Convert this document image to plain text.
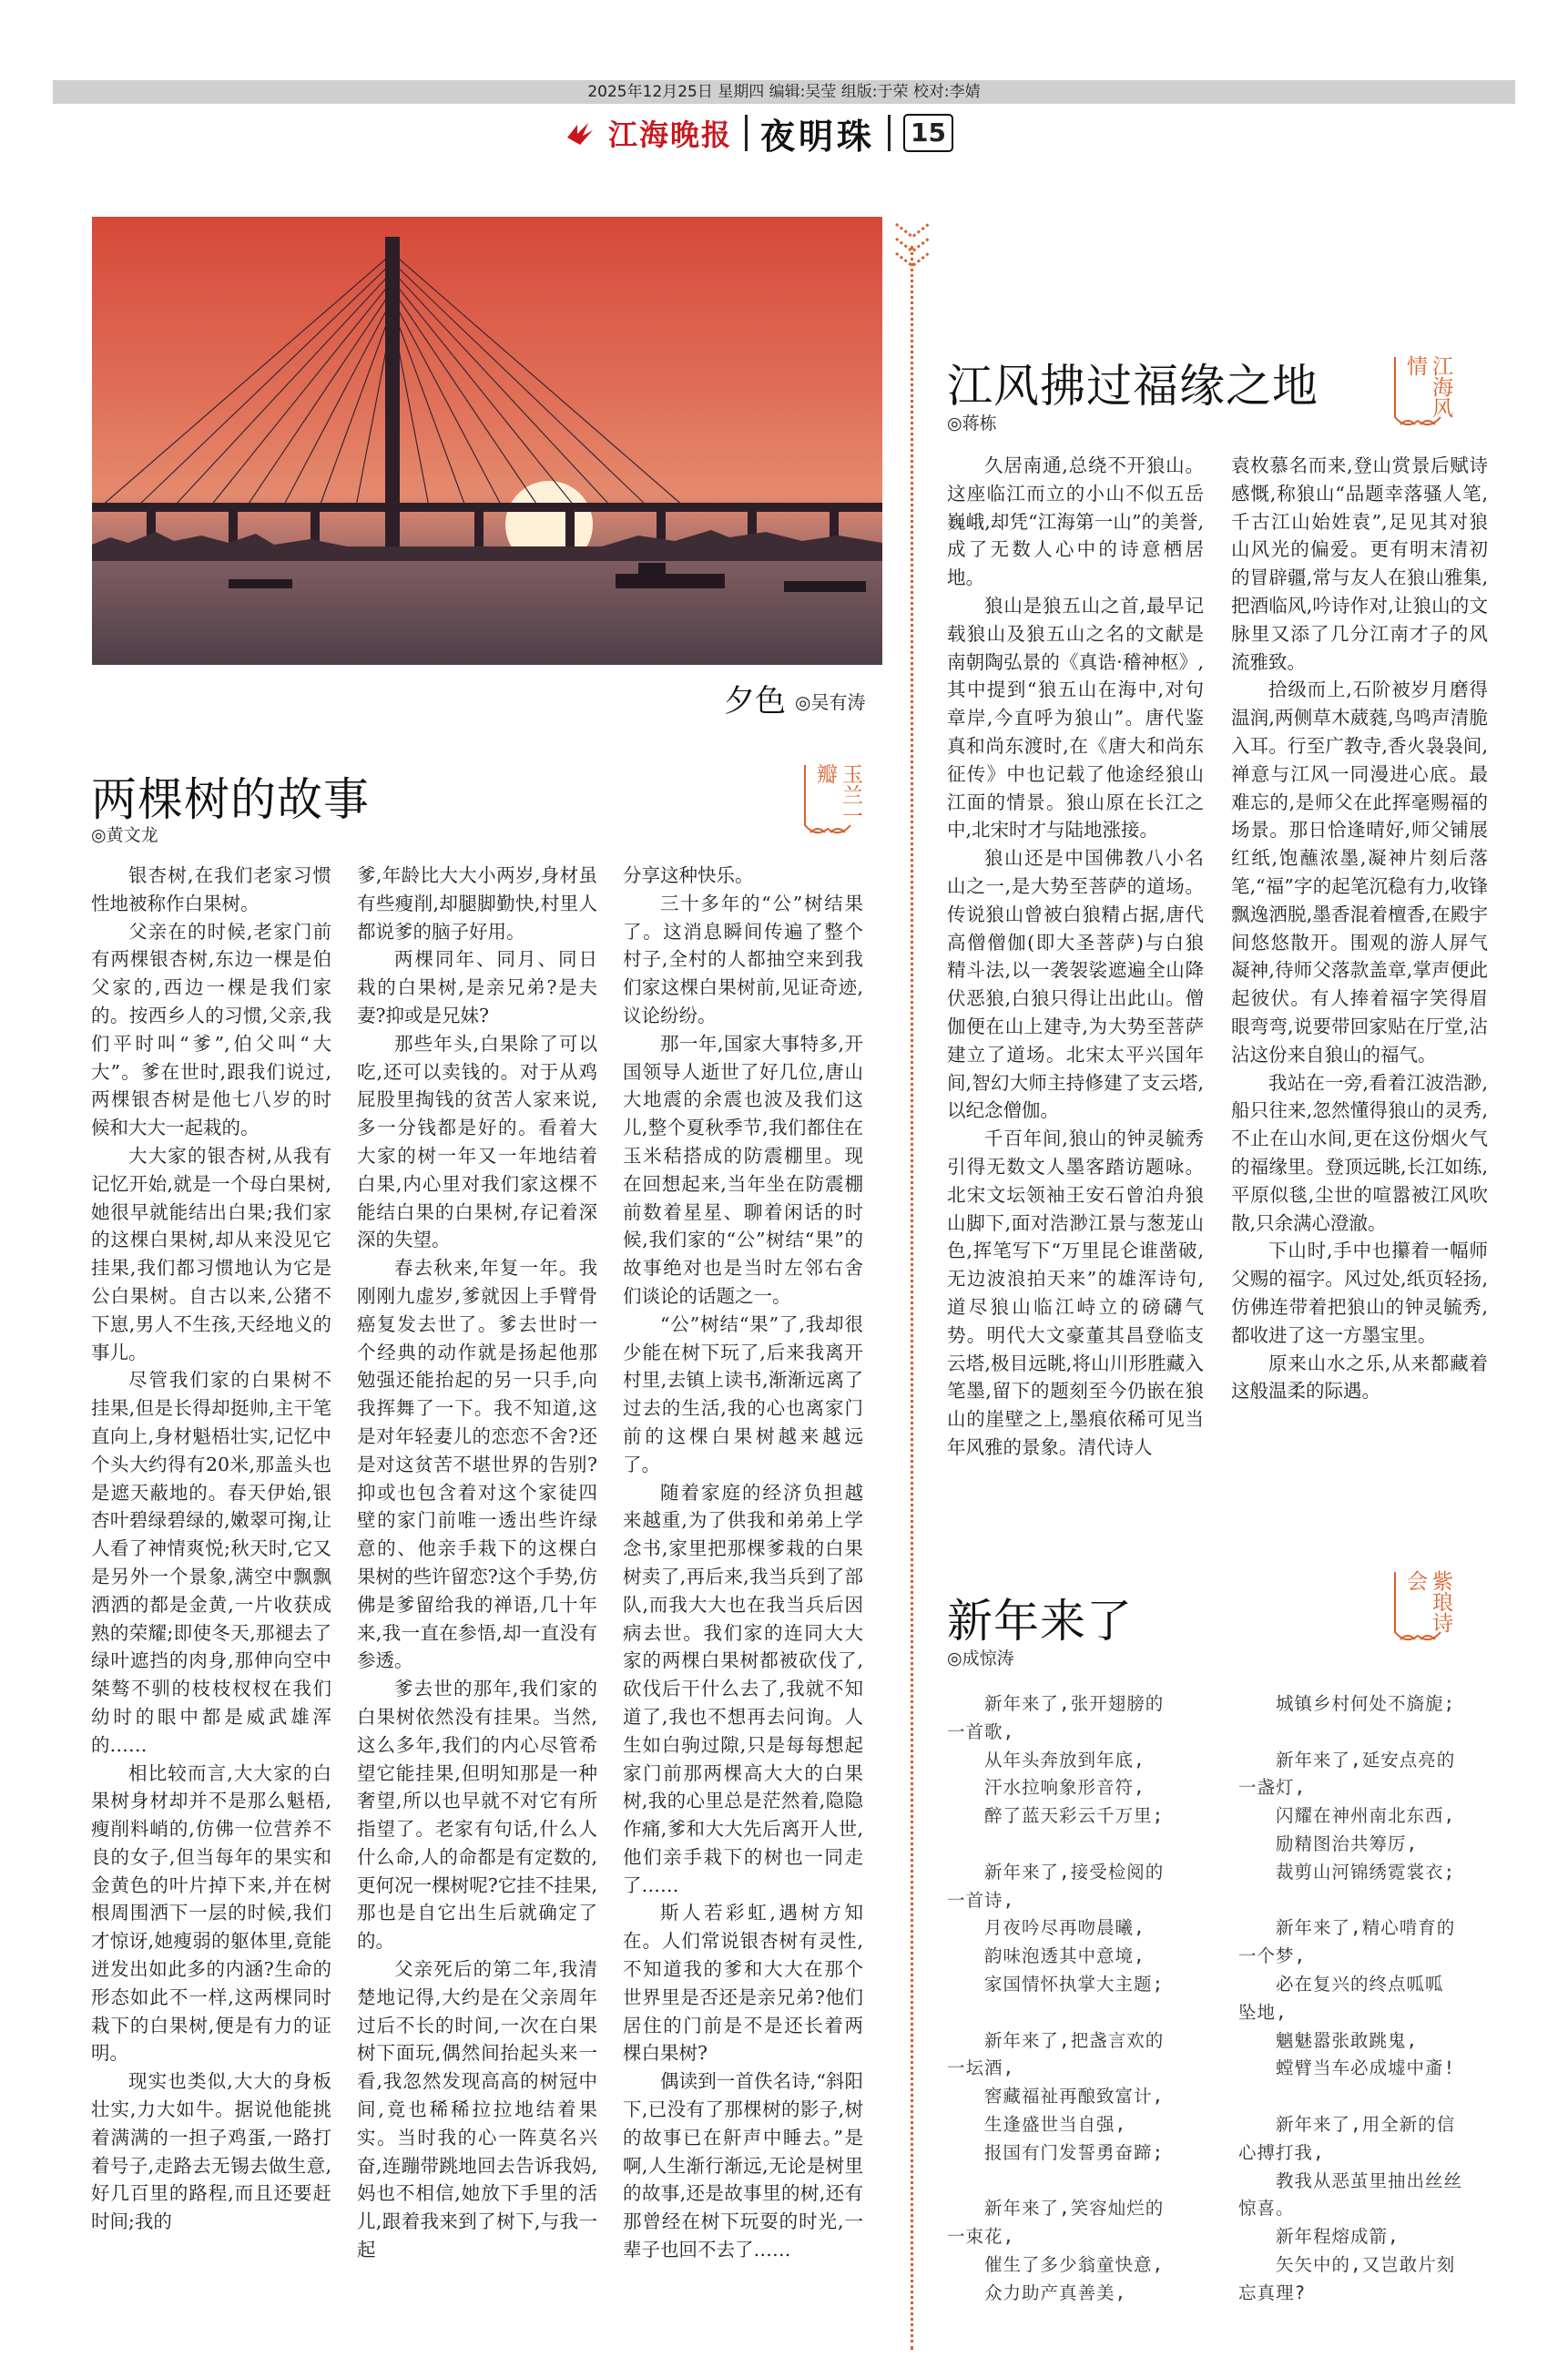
2025年12月25日 星期四 编辑:吴莹 组版:于荣 校对:李婧
江海晚报 夜明珠 15
夕色 ◎吴有涛
两棵树的故事
◎黄文龙
玉兰一瓣

银杏树,在我们老家习惯性地被称作白果树。

父亲在的时候,老家门前有两棵银杏树,东边一棵是伯父家的,西边一棵是我们家的。按西乡人的习惯,父亲,我们平时叫“爹”,伯父叫“大大”。爹在世时,跟我们说过,两棵银杏树是他七八岁的时候和大大一起栽的。

大大家的银杏树,从我有记忆开始,就是一个母白果树,她很早就能结出白果;我们家的这棵白果树,却从来没见它挂果,我们都习惯地认为它是公白果树。自古以来,公猪不下崽,男人不生孩,天经地义的事儿。

尽管我们家的白果树不挂果,但是长得却挺帅,主干笔直向上,身材魁梧壮实,记忆中个头大约得有20米,那盖头也是遮天蔽地的。春天伊始,银杏叶碧绿碧绿的,嫩翠可掬,让人看了神情爽悦;秋天时,它又是另外一个景象,满空中飘飘洒洒的都是金黄,一片收获成熟的荣耀;即使冬天,那褪去了绿叶遮挡的肉身,那伸向空中桀骜不驯的枝枝杈杈在我们幼时的眼中都是威武雄浑的……

相比较而言,大大家的白果树身材却并不是那么魁梧,瘦削料峭的,仿佛一位营养不良的女子,但当每年的果实和金黄色的叶片掉下来,并在树根周围洒下一层的时候,我们才惊讶,她瘦弱的躯体里,竟能迸发出如此多的内涵?生命的形态如此不一样,这两棵同时栽下的白果树,便是有力的证明。

现实也类似,大大的身板壮实,力大如牛。据说他能挑着满满的一担子鸡蛋,一路打着号子,走路去无锡去做生意,好几百里的路程,而且还要赶时间;我的

爹,年龄比大大小两岁,身材虽有些瘦削,却腿脚勤快,村里人都说爹的脑子好用。

两棵同年、同月、同日栽的白果树,是亲兄弟?是夫妻?抑或是兄妹?

那些年头,白果除了可以吃,还可以卖钱的。对于从鸡屁股里掏钱的贫苦人家来说,多一分钱都是好的。看着大大家的树一年又一年地结着白果,内心里对我们家这棵不能结白果的白果树,存记着深深的失望。

春去秋来,年复一年。我刚刚九虚岁,爹就因上手臂骨癌复发去世了。爹去世时一个经典的动作就是扬起他那勉强还能抬起的另一只手,向我挥舞了一下。我不知道,这是对年轻妻儿的恋恋不舍?还是对这贫苦不堪世界的告别?抑或也包含着对这个家徒四壁的家门前唯一透出些许绿意的、他亲手栽下的这棵白果树的些许留恋?这个手势,仿佛是爹留给我的禅语,几十年来,我一直在参悟,却一直没有参透。

爹去世的那年,我们家的白果树依然没有挂果。当然,这么多年,我们的内心尽管希望它能挂果,但明知那是一种奢望,所以也早就不对它有所指望了。老家有句话,什么人什么命,人的命都是有定数的,更何况一棵树呢?它挂不挂果,那也是自它出生后就确定了的。

父亲死后的第二年,我清楚地记得,大约是在父亲周年过后不长的时间,一次在白果树下面玩,偶然间抬起头来一看,我忽然发现高高的树冠中间,竟也稀稀拉拉地结着果实。当时我的心一阵莫名兴奋,连蹦带跳地回去告诉我妈,妈也不相信,她放下手里的活儿,跟着我来到了树下,与我一起

分享这种快乐。

三十多年的“公”树结果了。这消息瞬间传遍了整个村子,全村的人都抽空来到我们家这棵白果树前,见证奇迹,议论纷纷。

那一年,国家大事特多,开国领导人逝世了好几位,唐山大地震的余震也波及我们这儿,整个夏秋季节,我们都住在玉米秸搭成的防震棚里。现在回想起来,当年坐在防震棚前数着星星、聊着闲话的时候,我们家的“公”树结“果”的故事绝对也是当时左邻右舍们谈论的话题之一。

“公”树结“果”了,我却很少能在树下玩了,后来我离开村里,去镇上读书,渐渐远离了过去的生活,我的心也离家门前的这棵白果树越来越远了。

随着家庭的经济负担越来越重,为了供我和弟弟上学念书,家里把那棵爹栽的白果树卖了,再后来,我当兵到了部队,而我大大也在我当兵后因病去世。我们家的连同大大家的两棵白果树都被砍伐了,砍伐后干什么去了,我就不知道了,我也不想再去问询。人生如白驹过隙,只是每每想起家门前那两棵高大大的白果树,我的心里总是茫然着,隐隐作痛,爹和大大先后离开人世,他们亲手栽下的树也一同走了……

斯人若彩虹,遇树方知在。人们常说银杏树有灵性,不知道我的爹和大大在那个世界里是否还是亲兄弟?他们居住的门前是不是还长着两棵白果树?

偶读到一首佚名诗,“斜阳下,已没有了那棵树的影子,树的故事已在鼾声中睡去。”是啊,人生渐行渐远,无论是树里的故事,还是故事里的树,还有那曾经在树下玩耍的时光,一辈子也回不去了……

江风拂过福缘之地
◎蒋栋
江海风情

久居南通,总绕不开狼山。这座临江而立的小山不似五岳巍峨,却凭“江海第一山”的美誉,成了无数人心中的诗意栖居地。

狼山是狼五山之首,最早记载狼山及狼五山之名的文献是南朝陶弘景的《真诰·稽神枢》,其中提到“狼五山在海中,对句章岸,今直呼为狼山”。唐代鉴真和尚东渡时,在《唐大和尚东征传》中也记载了他途经狼山江面的情景。狼山原在长江之中,北宋时才与陆地涨接。

狼山还是中国佛教八小名山之一,是大势至菩萨的道场。传说狼山曾被白狼精占据,唐代高僧僧伽(即大圣菩萨)与白狼精斗法,以一袭袈裟遮遍全山降伏恶狼,白狼只得让出此山。僧伽便在山上建寺,为大势至菩萨建立了道场。北宋太平兴国年间,智幻大师主持修建了支云塔,以纪念僧伽。

千百年间,狼山的钟灵毓秀引得无数文人墨客踏访题咏。北宋文坛领袖王安石曾泊舟狼山脚下,面对浩渺江景与葱茏山色,挥笔写下“万里昆仑谁凿破,无边波浪拍天来”的雄浑诗句,道尽狼山临江峙立的磅礴气势。明代大文豪董其昌登临支云塔,极目远眺,将山川形胜藏入笔墨,留下的题刻至今仍嵌在狼山的崖壁之上,墨痕依稀可见当年风雅的景象。清代诗人

袁枚慕名而来,登山赏景后赋诗感慨,称狼山“品题幸落骚人笔,千古江山始姓袁”,足见其对狼山风光的偏爱。更有明末清初的冒辟疆,常与友人在狼山雅集,把酒临风,吟诗作对,让狼山的文脉里又添了几分江南才子的风流雅致。

拾级而上,石阶被岁月磨得温润,两侧草木葳蕤,鸟鸣声清脆入耳。行至广教寺,香火袅袅间,禅意与江风一同漫进心底。最难忘的,是师父在此挥毫赐福的场景。那日恰逢晴好,师父铺展红纸,饱蘸浓墨,凝神片刻后落笔,“福”字的起笔沉稳有力,收锋飘逸洒脱,墨香混着檀香,在殿宇间悠悠散开。围观的游人屏气凝神,待师父落款盖章,掌声便此起彼伏。有人捧着福字笑得眉眼弯弯,说要带回家贴在厅堂,沾沾这份来自狼山的福气。

我站在一旁,看着江波浩渺,船只往来,忽然懂得狼山的灵秀,不止在山水间,更在这份烟火气的福缘里。登顶远眺,长江如练,平原似毯,尘世的喧嚣被江风吹散,只余满心澄澈。

下山时,手中也攥着一幅师父赐的福字。风过处,纸页轻扬,仿佛连带着把狼山的钟灵毓秀,都收进了这一方墨宝里。

原来山水之乐,从来都藏着这般温柔的际遇。

新年来了
◎成惊涛
紫琅诗会

　　新年来了,张开翅膀的

一首歌,

　　从年头奔放到年底,

　　汗水拉响象形音符,

　　醉了蓝天彩云千万里;

　　新年来了,接受检阅的

一首诗,

　　月夜吟尽再吻晨曦,

　　韵味泡透其中意境,

　　家国情怀执掌大主题;

　　新年来了,把盏言欢的

一坛酒,

　　窖藏福祉再酿致富计,

　　生逢盛世当自强,

　　报国有门发誓勇奋蹄;

　　新年来了,笑容灿烂的

一束花,

　　催生了多少翁童快意,

　　众力助产真善美,

　　城镇乡村何处不旖旎;

　　新年来了,延安点亮的

一盏灯,

　　闪耀在神州南北东西,

　　励精图治共筹厉,

　　裁剪山河锦绣霓裳衣;

　　新年来了,精心啃育的

一个梦,

　　必在复兴的终点呱呱

坠地,

　　魑魅嚣张敢跳鬼,

　　螳臂当车必成墟中齑!

　　新年来了,用全新的信

心搏打我,

　　教我从恶茧里抽出丝丝

惊喜。

　　新年程熔成箭,

　　矢矢中的,又岂敢片刻

忘真理?
